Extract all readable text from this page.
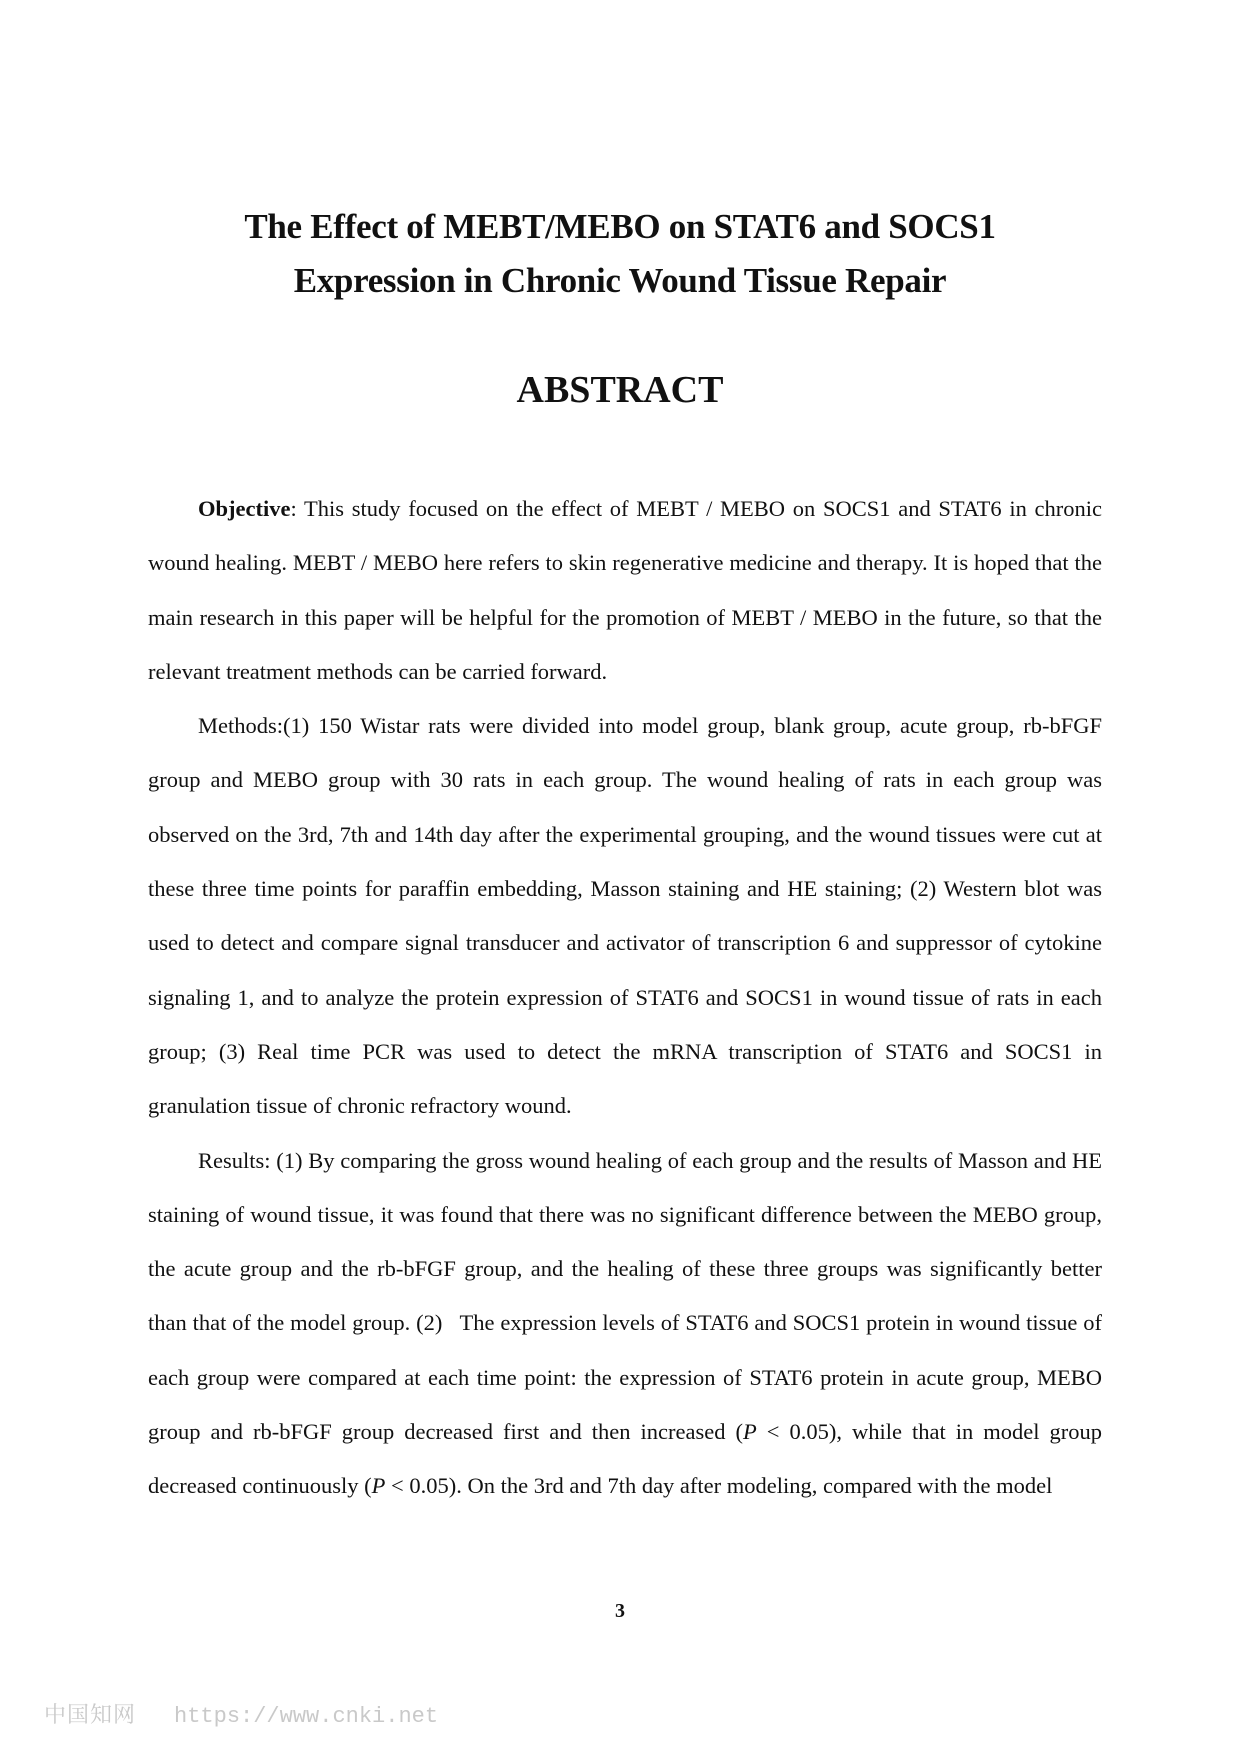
The Effect of MEBT/MEBO on STAT6 and SOCS1
Expression in Chronic Wound Tissue Repair
ABSTRACT

Objective: This study focused on the effect of MEBT / MEBO on SOCS1 and STAT6 in chronic wound healing. MEBT / MEBO here refers to skin regenerative medicine and therapy. It is hoped that the main research in this paper will be helpful for the promotion of MEBT / MEBO in the future, so that the relevant treatment methods can be carried forward.

Methods:(1) 150 Wistar rats were divided into model group, blank group, acute group, rb-bFGF group and MEBO group with 30 rats in each group. The wound healing of rats in each group was observed on the 3rd, 7th and 14th day after the experimental grouping, and the wound tissues were cut at these three time points for paraffin embedding, Masson staining and HE staining; (2) Western blot was used to detect and compare signal transducer and activator of transcription 6 and suppressor of cytokine signaling 1, and to analyze the protein expression of STAT6 and SOCS1 in wound tissue of rats in each group; (3) Real time PCR was used to detect the mRNA transcription of STAT6 and SOCS1 in granulation tissue of chronic refractory wound.

Results: (1) By comparing the gross wound healing of each group and the results of Masson and HE staining of wound tissue, it was found that there was no significant difference between the MEBO group, the acute group and the rb-bFGF group, and the healing of these three groups was significantly better than that of the model group. (2)   The expression levels of STAT6 and SOCS1 protein in wound tissue of each group were compared at each time point: the expression of STAT6 protein in acute group, MEBO group and rb-bFGF group decreased first and then increased (P < 0.05), while that in model group decreased continuously (P < 0.05). On the 3rd and 7th day after modeling, compared with the model

3
中国知网 https://www.cnki.net
